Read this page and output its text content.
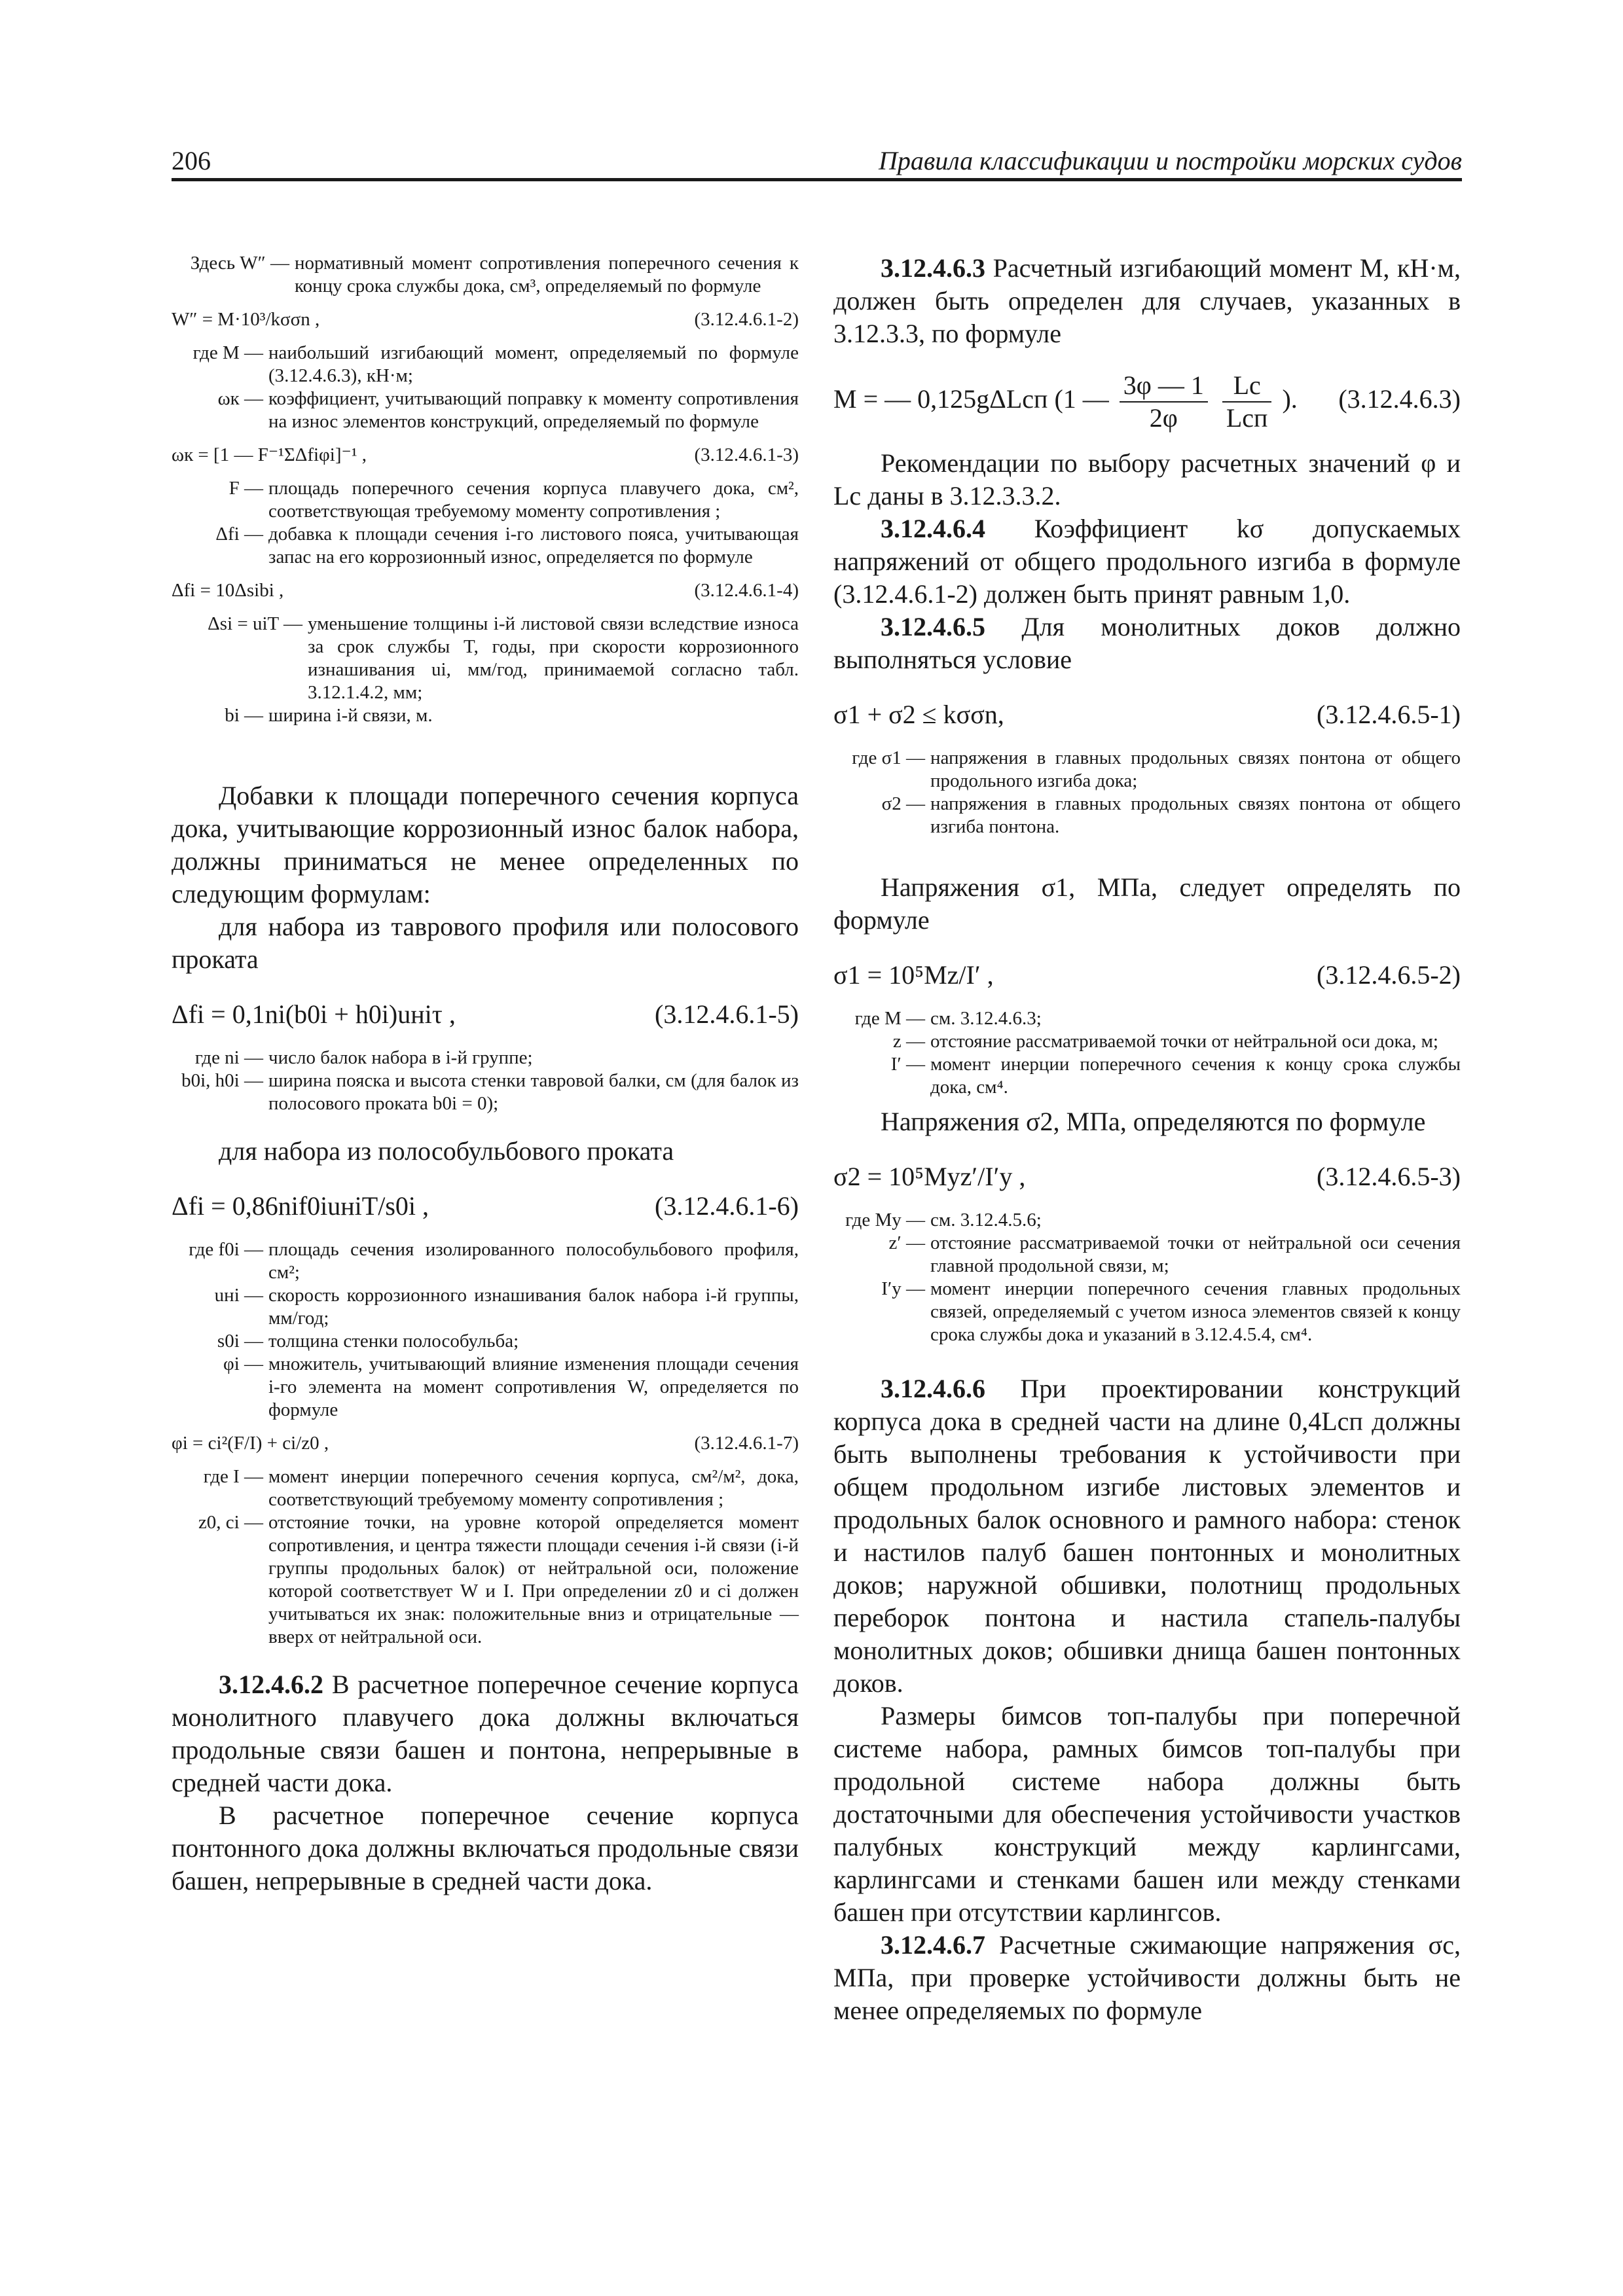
206	Правила классификации и постройки морских судов
Здесь W″ — нормативный момент сопротивления поперечного сечения к концу срока службы дока, см³, определяемый по формуле
W″ = M·10³/kσσn ,	(3.12.4.6.1-2)
где M — наибольший изгибающий момент, определяемый по формуле (3.12.4.6.3), кН·м;
ωк — коэффициент, учитывающий поправку к моменту сопротивления на износ элементов конструкций, определяемый по формуле
ωк = [1 — F⁻¹ΣΔfiφi]⁻¹ ,	(3.12.4.6.1-3)
F — площадь поперечного сечения корпуса плавучего дока, см², соответствующая требуемому моменту сопротивления ;
Δfi — добавка к площади сечения i-го листового пояса, учитывающая запас на его коррозионный износ, определяется по формуле
Δfi = 10Δsibi ,	(3.12.4.6.1-4)
Δsi = uiT — уменьшение толщины i-й листовой связи вследствие износа за срок службы T, годы, при скорости коррозионного изнашивания ui, мм/год, принимаемой согласно табл. 3.12.1.4.2, мм;
bi — ширина i-й связи, м.

Добавки к площади поперечного сечения корпуса дока, учитывающие коррозионный износ балок набора, должны приниматься не менее определенных по следующим формулам:

для набора из таврового профиля или полосового проката

Δfi = 0,1ni(b0i + h0i)uнiτ ,	(3.12.4.6.1-5)
где ni — число балок набора в i-й группе;
b0i, h0i — ширина пояска и высота стенки тавровой балки, см (для балок из полосового проката b0i = 0);

для набора из полособульбового проката

Δfi = 0,86nif0iuнiT/s0i ,	(3.12.4.6.1-6)
где f0i — площадь сечения изолированного полособульбового профиля, см²;
uнi — скорость коррозионного изнашивания балок набора i-й группы, мм/год;
s0i — толщина стенки полособульба;
φi — множитель, учитывающий влияние изменения площади сечения i-го элемента на момент сопротивления W, определяется по формуле
φi = ci²(F/I) + ci/z0 ,	(3.12.4.6.1-7)
где I — момент инерции поперечного сечения корпуса, см²/м², дока, соответствующий требуемому моменту сопротивления ;
z0, ci — отстояние точки, на уровне которой определяется момент сопротивления, и центра тяжести площади сечения i-й связи (i-й группы продольных балок) от нейтральной оси, положение которой соответствует W и I. При определении z0 и ci должен учитываться их знак: положительные вниз и отрицательные — вверх от нейтральной оси.

3.12.4.6.2 В расчетное поперечное сечение корпуса монолитного плавучего дока должны включаться продольные связи башен и понтона, непрерывные в средней части дока.

В расчетное поперечное сечение корпуса понтонного дока должны включаться продольные связи башен, непрерывные в средней части дока.

3.12.4.6.3 Расчетный изгибающий момент M, кН·м, должен быть определен для случаев, указанных в 3.12.3.3, по формуле

M = — 0,125gΔLсп (1 — $\frac{3\varphi — 1}{2\varphi}$
$\frac{Lc}{\text{Lсп}}$ ). (3.12.4.6.3)

Рекомендации по выбору расчетных значений φ и Lc даны в 3.12.3.3.2.

3.12.4.6.4 Коэффициент kσ допускаемых напряжений от общего продольного изгиба в формуле (3.12.4.6.1-2) должен быть принят равным 1,0.

3.12.4.6.5 Для монолитных доков должно выполняться условие

σ1 + σ2 ≤ kσσn,	(3.12.4.6.5-1)
где σ1 — напряжения в главных продольных связях понтона от общего продольного изгиба дока;
σ2 — напряжения в главных продольных связях понтона от общего изгиба понтона.

Напряжения σ1, МПа, следует определять по формуле

σ1 = 10⁵Mz/I′ ,	(3.12.4.6.5-2)
где M — см. 3.12.4.6.3;
z — отстояние рассматриваемой точки от нейтральной оси дока, м;
I′ — момент инерции поперечного сечения к концу срока службы дока, см⁴.

Напряжения σ2, МПа, определяются по формуле

σ2 = 10⁵Myz′/I′y ,	(3.12.4.6.5-3)
где My — см. 3.12.4.5.6;
z′ — отстояние рассматриваемой точки от нейтральной оси сечения главной продольной связи, м;
I′y — момент инерции поперечного сечения главных продольных связей, определяемый с учетом износа элементов связей к концу срока службы дока и указаний в 3.12.4.5.4, см⁴.

3.12.4.6.6 При проектировании конструкций корпуса дока в средней части на длине 0,4Lсп должны быть выполнены требования к устойчивости при общем продольном изгибе листовых элементов и продольных балок основного и рамного набора: стенок и настилов палуб башен понтонных и монолитных доков; наружной обшивки, полотнищ продольных переборок понтона и настила стапель-палубы монолитных доков; обшивки днища башен понтонных доков.

Размеры бимсов топ-палубы при поперечной системе набора, рамных бимсов топ-палубы при продольной системе набора должны быть достаточными для обеспечения устойчивости участков палубных конструкций между карлингсами, карлингсами и стенками башен или между стенками башен при отсутствии карлингсов.

3.12.4.6.7 Расчетные сжимающие напряжения σc, МПа, при проверке устойчивости должны быть не менее определяемых по формуле
